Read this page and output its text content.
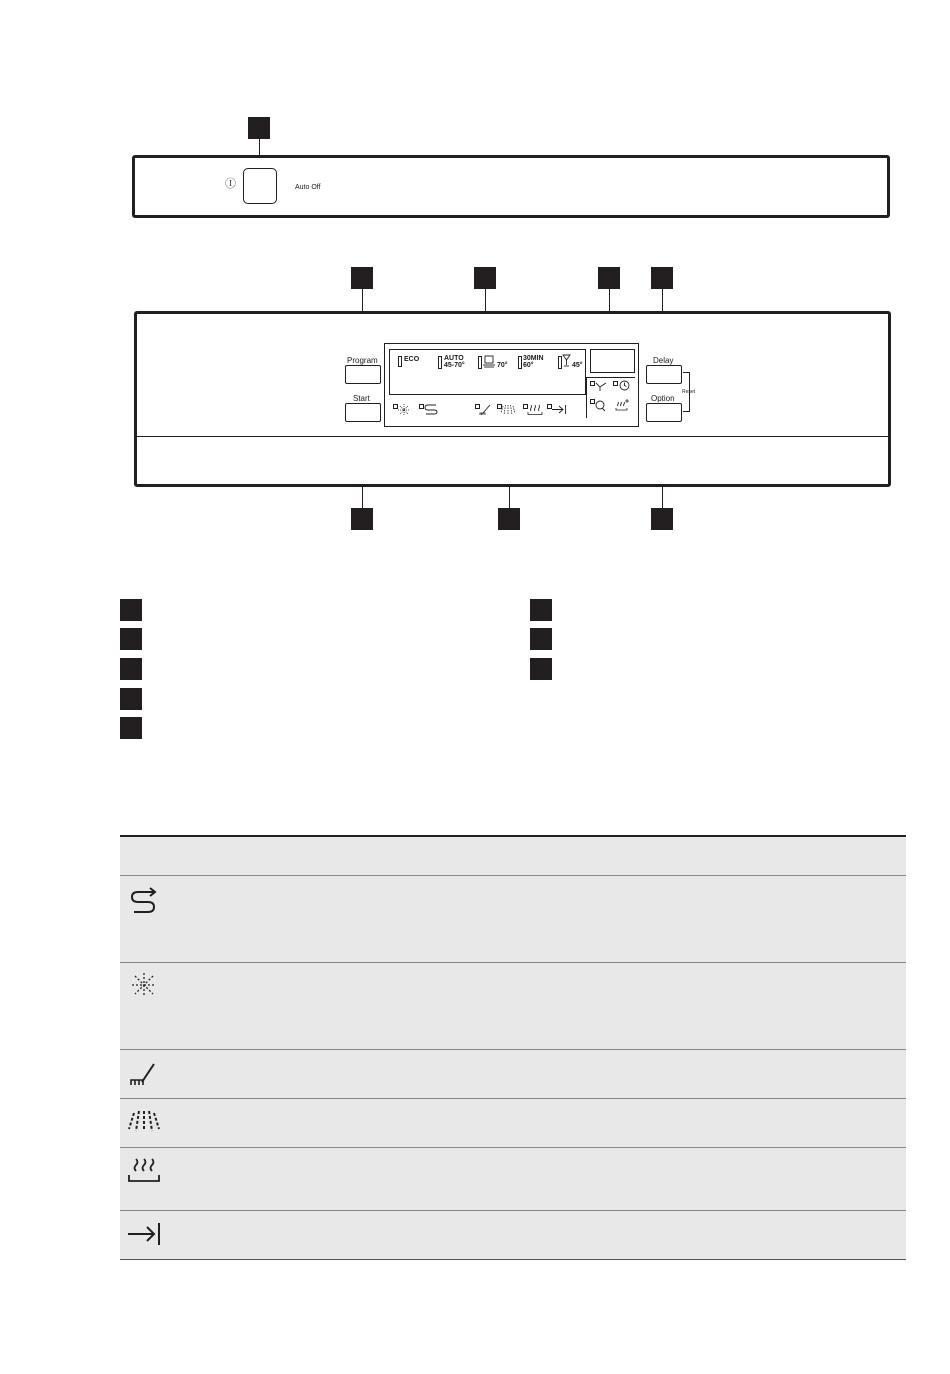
Ⓘ	Auto Off
Program
Start
Delay
Option
Reset
ECO	AUTO
45-70°	70°
30MIN
60°	45°
